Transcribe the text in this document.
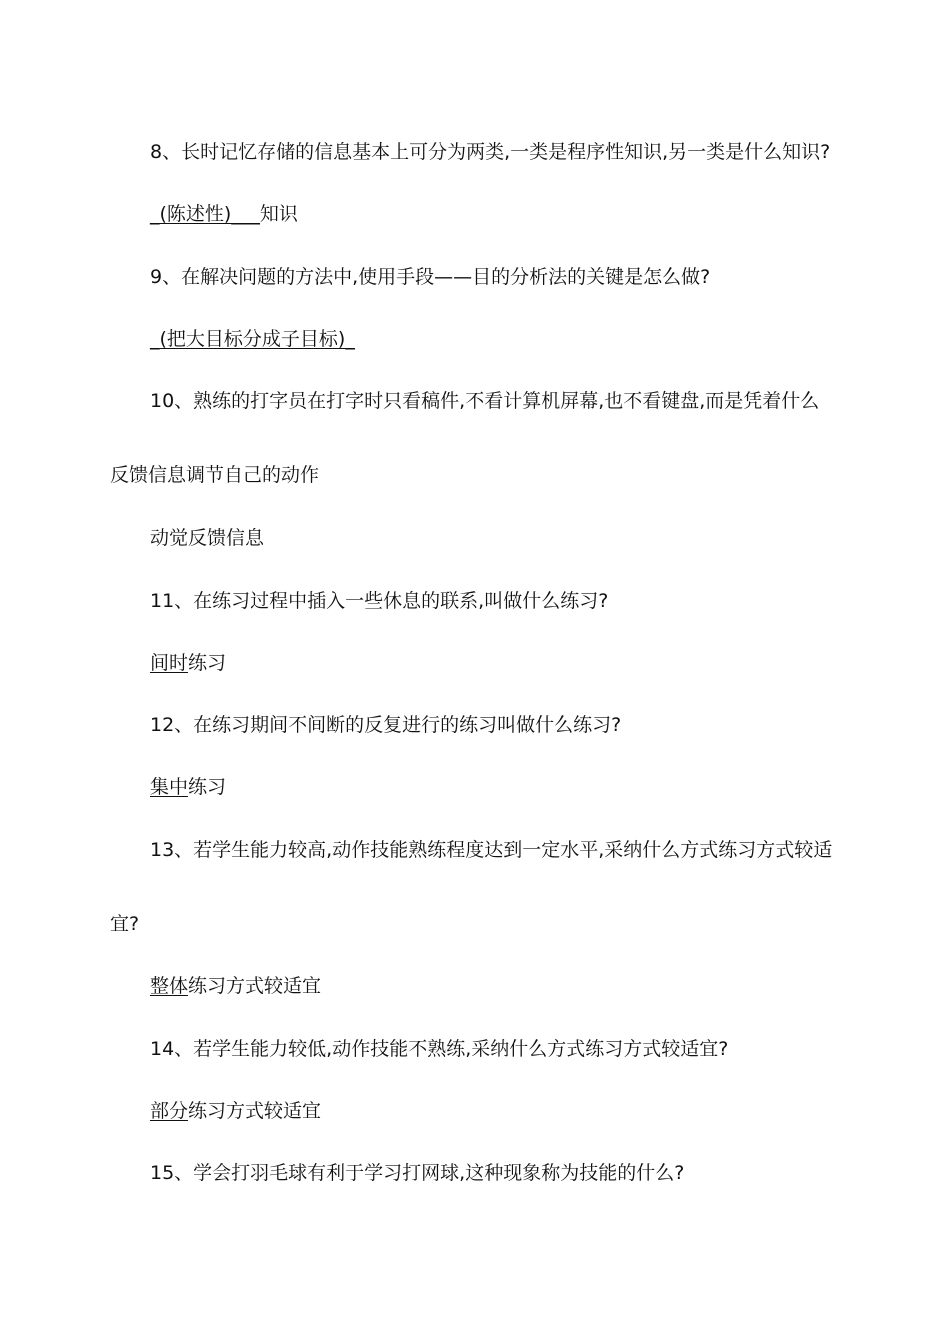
8、长时记忆存储的信息基本上可分为两类,一类是程序性知识,另一类是什么知识?
_(陈述性)___知识
9、在解决问题的方法中,使用手段——目的分析法的关键是怎么做?
_(把大目标分成子目标)_
10、熟练的打字员在打字时只看稿件,不看计算机屏幕,也不看键盘,而是凭着什么
反馈信息调节自己的动作
动觉反馈信息
11、在练习过程中插入一些休息的联系,叫做什么练习?
间时练习
12、在练习期间不间断的反复进行的练习叫做什么练习?
集中练习
13、若学生能力较高,动作技能熟练程度达到一定水平,采纳什么方式练习方式较适
宜?
整体练习方式较适宜
14、若学生能力较低,动作技能不熟练,采纳什么方式练习方式较适宜?
部分练习方式较适宜
15、学会打羽毛球有利于学习打网球,这种现象称为技能的什么?
